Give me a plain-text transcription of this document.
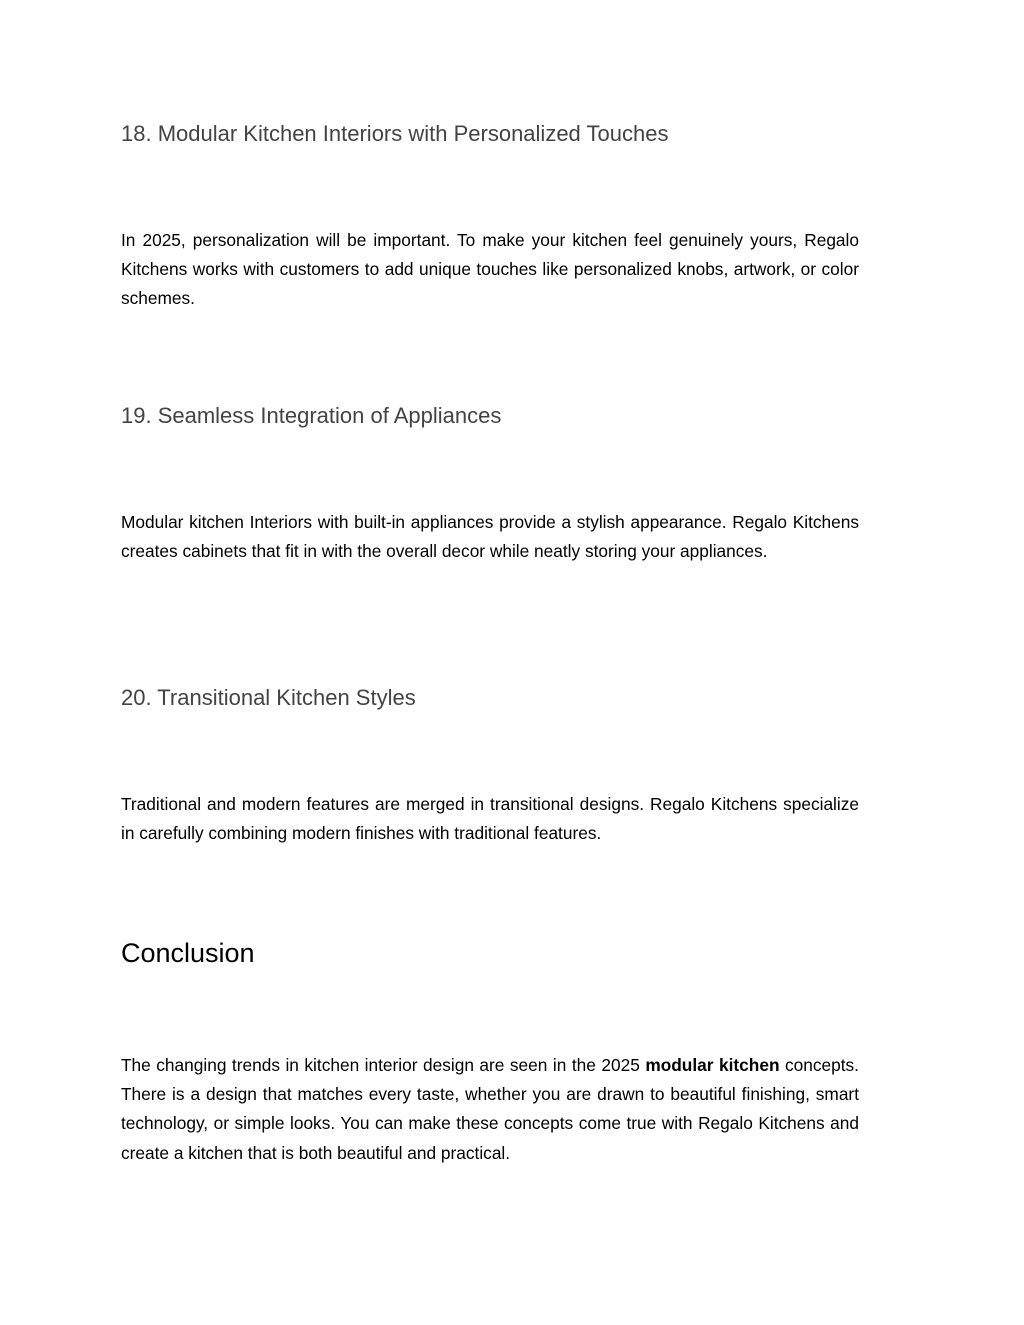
18. Modular Kitchen Interiors with Personalized Touches

In 2025, personalization will be important. To make your kitchen feel genuinely yours, Regalo Kitchens works with customers to add unique touches like personalized knobs, artwork, or color schemes.

19. Seamless Integration of Appliances

Modular kitchen Interiors with built-in appliances provide a stylish appearance. Regalo Kitchens creates cabinets that fit in with the overall decor while neatly storing your appliances.

20. Transitional Kitchen Styles

Traditional and modern features are merged in transitional designs. Regalo Kitchens specialize in carefully combining modern finishes with traditional features.

Conclusion

The changing trends in kitchen interior design are seen in the 2025 modular kitchen concepts. There is a design that matches every taste, whether you are drawn to beautiful finishing, smart technology, or simple looks. You can make these concepts come true with Regalo Kitchens and create a kitchen that is both beautiful and practical.
